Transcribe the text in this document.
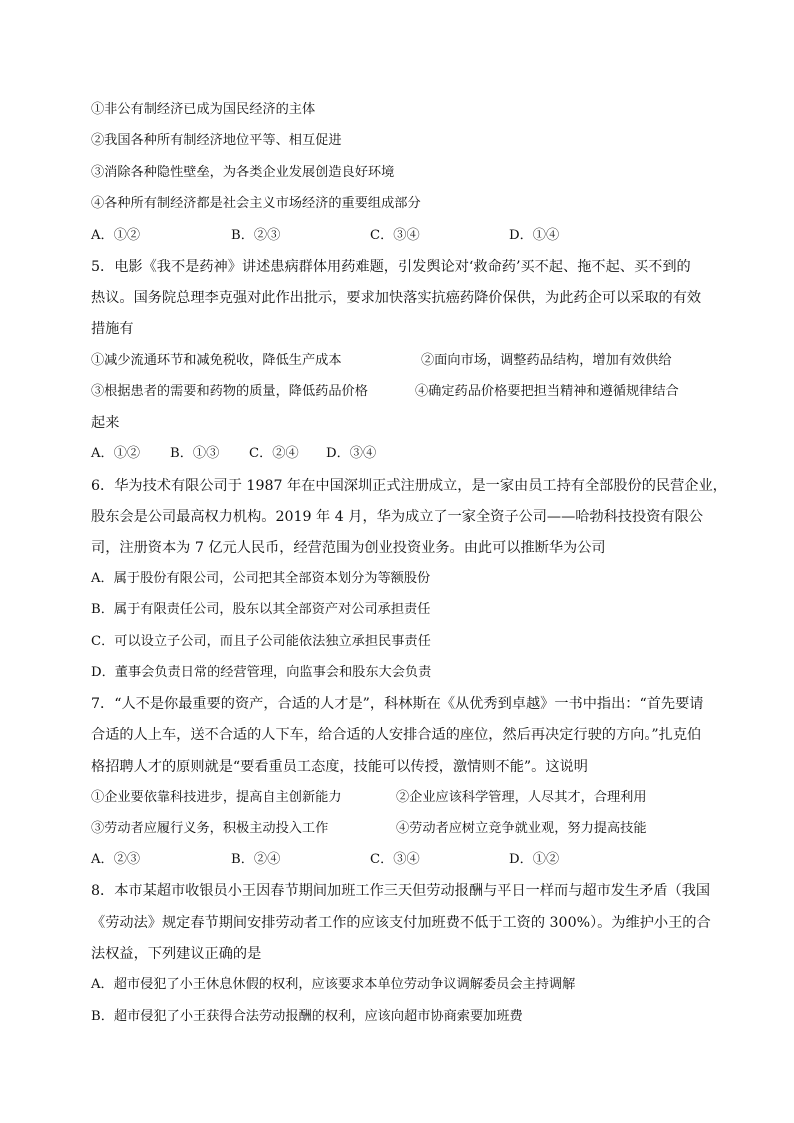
①非公有制经济已成为国民经济的主体
②我国各种所有制经济地位平等、相互促进
③消除各种隐性壁垒，为各类企业发展创造良好环境
④各种所有制经济都是社会主义市场经济的重要组成部分
A．①②	B．②③	C．③④	D．①④
5．电影《我不是药神》讲述患病群体用药难题，引发舆论对‘救命药’买不起、拖不起、买不到的
热议。国务院总理李克强对此作出批示，要求加快落实抗癌药降价保供，为此药企可以采取的有效
措施有
①减少流通环节和减免税收，降低生产成本	②面向市场，调整药品结构，增加有效供给
③根据患者的需要和药物的质量，降低药品价格	④确定药品价格要把担当精神和遵循规律结合
起来
A．①② B．①③ C．②④ D．③④
6．华为技术有限公司于 1987 年在中国深圳正式注册成立，是一家由员工持有全部股份的民营企业，
股东会是公司最高权力机构。2019 年 4 月，华为成立了一家全资子公司——哈勃科技投资有限公
司，注册资本为 7 亿元人民币，经营范围为创业投资业务。由此可以推断华为公司
A．属于股份有限公司，公司把其全部资本划分为等额股份
B．属于有限责任公司，股东以其全部资产对公司承担责任
C．可以设立子公司，而且子公司能依法独立承担民事责任
D．董事会负责日常的经营管理，向监事会和股东大会负责
7．“人不是你最重要的资产，合适的人才是”，科林斯在《从优秀到卓越》一书中指出：“首先要请
合适的人上车，送不合适的人下车，给合适的人安排合适的座位，然后再决定行驶的方向。”扎克伯
格招聘人才的原则就是“要看重员工态度，技能可以传授，激情则不能”。这说明
①企业要依靠科技进步，提高自主创新能力	②企业应该科学管理，人尽其才，合理利用
③劳动者应履行义务，积极主动投入工作	④劳动者应树立竞争就业观，努力提高技能
A．②③	B．②④	C．③④	D．①②
8．本市某超市收银员小王因春节期间加班工作三天但劳动报酬与平日一样而与超市发生矛盾（我国
《劳动法》规定春节期间安排劳动者工作的应该支付加班费不低于工资的 300%）。为维护小王的合
法权益，下列建议正确的是
A．超市侵犯了小王休息休假的权利，应该要求本单位劳动争议调解委员会主持调解
B．超市侵犯了小王获得合法劳动报酬的权利，应该向超市协商索要加班费
